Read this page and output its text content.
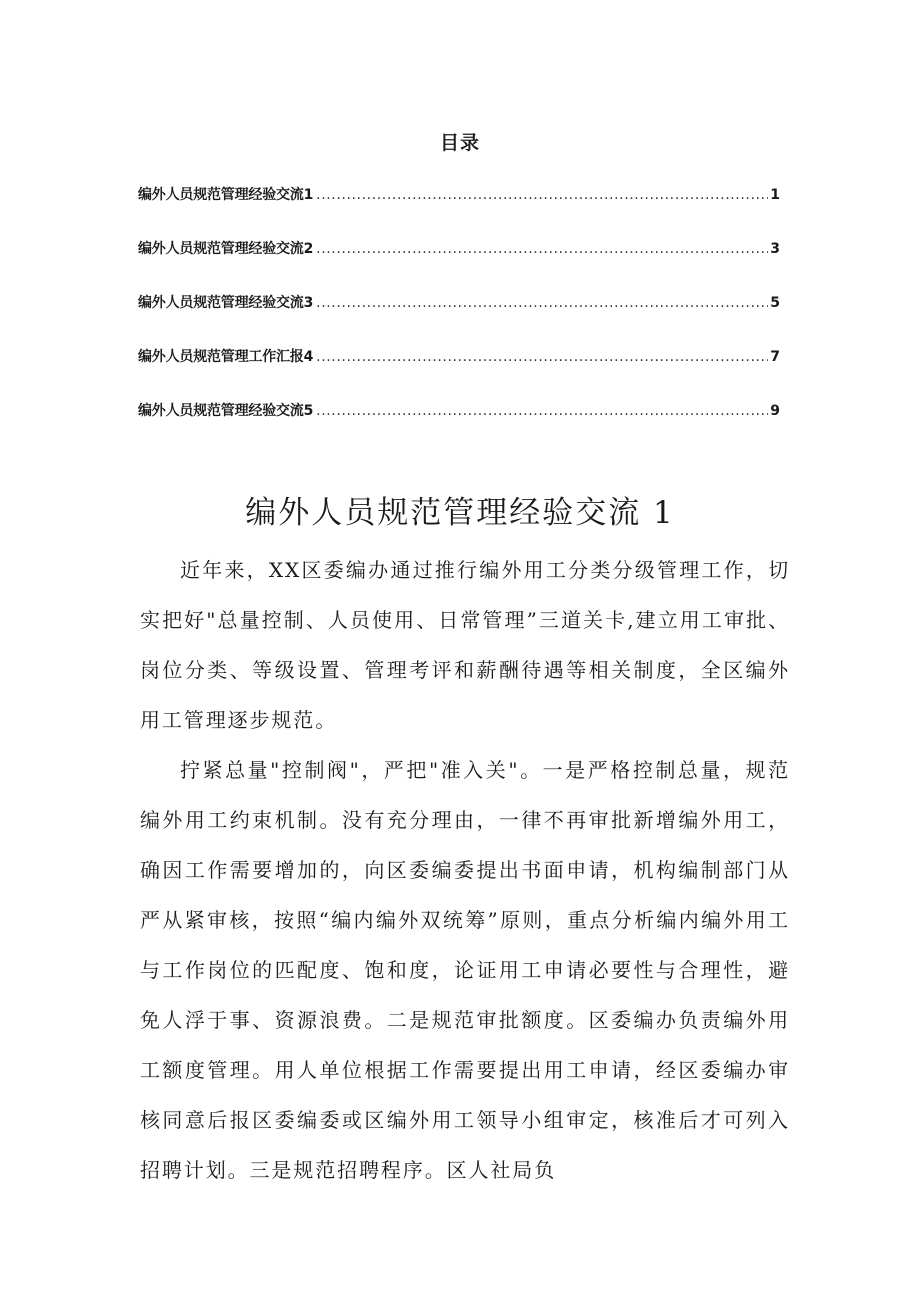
目录
编外人员规范管理经验交流1 .....	1
编外人员规范管理经验交流2 .....	3
编外人员规范管理经验交流3 .....	5
编外人员规范管理工作汇报4 .....	7
编外人员规范管理经验交流5 .....	9
编外人员规范管理经验交流 1

近年来，XX区委编办通过推行编外用工分类分级管理工作，切实把好"总量控制、人员使用、日常管理”三道关卡,建立用工审批、岗位分类、等级设置、管理考评和薪酬待遇等相关制度，全区编外用工管理逐步规范。

拧紧总量"控制阀"，严把"准入关"。一是严格控制总量，规范编外用工约束机制。没有充分理由，一律不再审批新增编外用工，确因工作需要增加的，向区委编委提出书面申请，机构编制部门从严从紧审核，按照“编内编外双统筹”原则，重点分析编内编外用工与工作岗位的匹配度、饱和度，论证用工申请必要性与合理性，避免人浮于事、资源浪费。二是规范审批额度。区委编办负责编外用工额度管理。用人单位根据工作需要提出用工申请，经区委编办审核同意后报区委编委或区编外用工领导小组审定，核准后才可列入招聘计划。三是规范招聘程序。区人社局负
